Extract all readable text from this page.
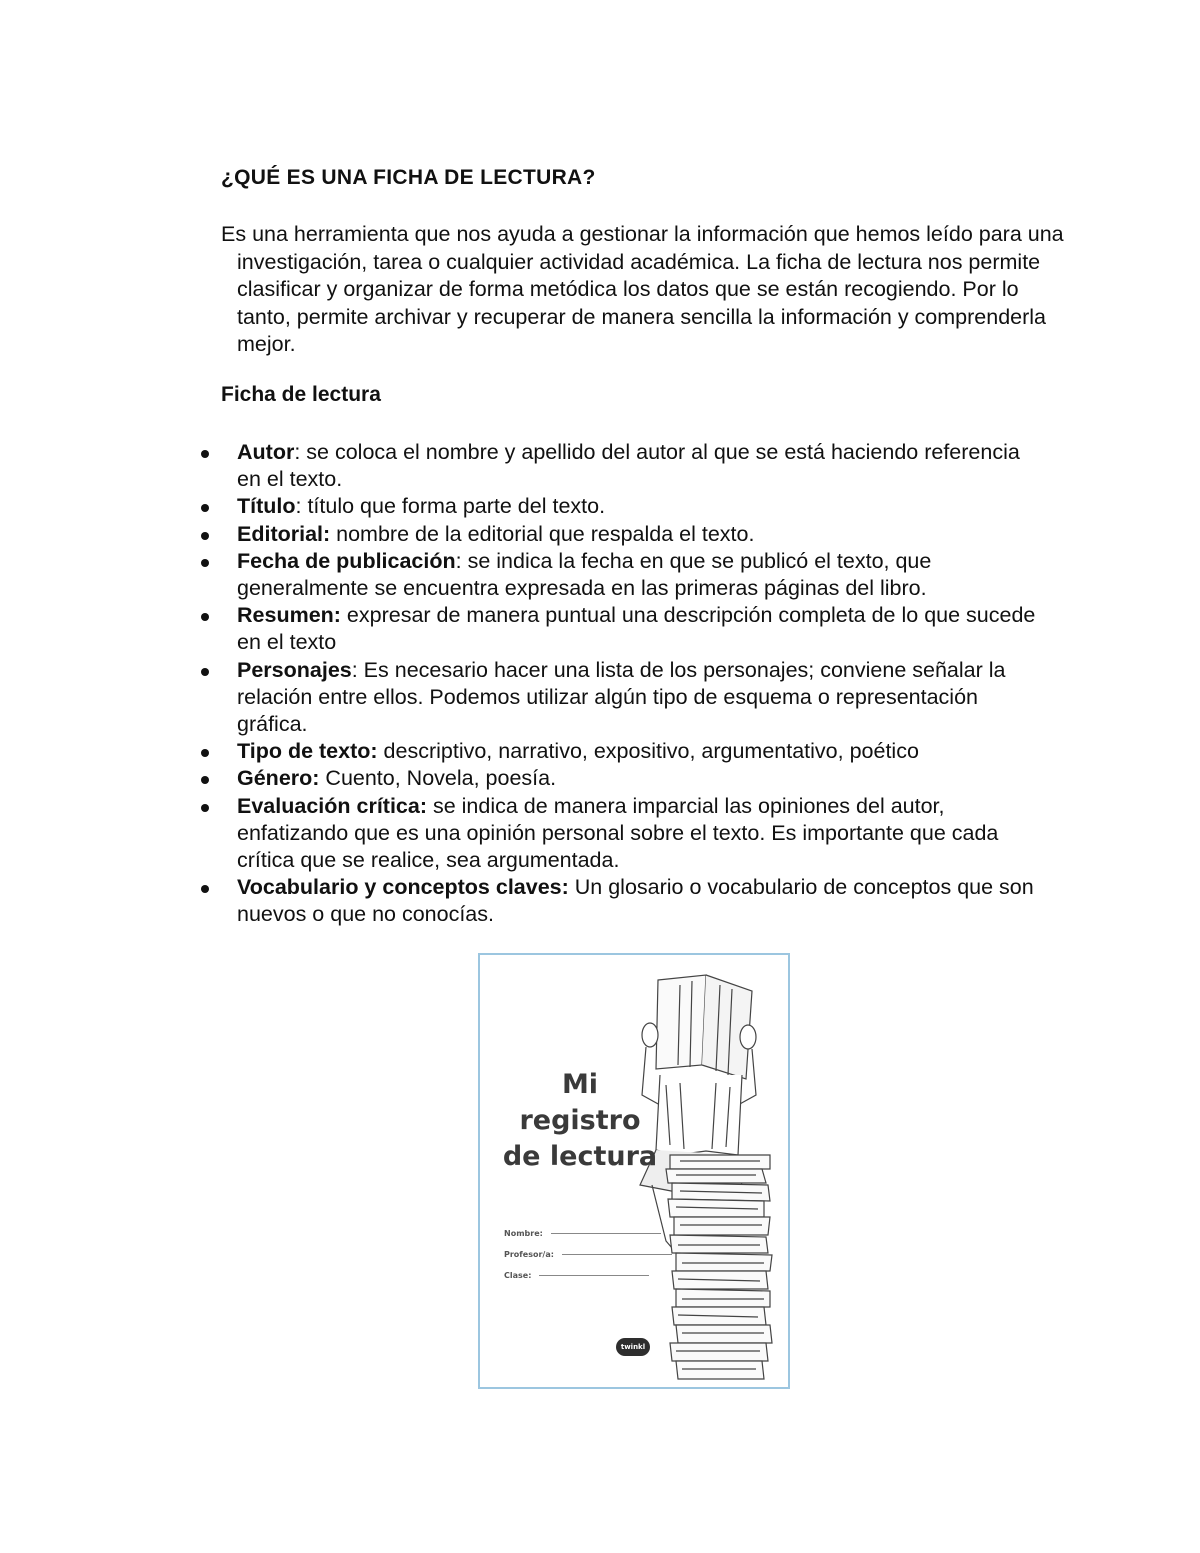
¿QUÉ ES UNA FICHA DE LECTURA?
Es una herramienta que nos ayuda a gestionar la información que hemos leído para una investigación, tarea o cualquier actividad académica. La ficha de lectura nos permite clasificar y organizar de forma metódica los datos que se están recogiendo. Por lo tanto, permite archivar y recuperar de manera sencilla la información y comprenderla mejor.
Ficha de lectura
Autor: se coloca el nombre y apellido del autor al que se está haciendo referencia en el texto.
Título: título que forma parte del texto.
Editorial: nombre de la editorial que respalda el texto.
Fecha de publicación: se indica la fecha en que se publicó el texto, que generalmente se encuentra expresada en las primeras páginas del libro.
Resumen: expresar de manera puntual una descripción completa de lo que sucede en el texto
Personajes: Es necesario hacer una lista de los personajes; conviene señalar la relación entre ellos. Podemos utilizar algún tipo de esquema o representación gráfica.
Tipo de texto: descriptivo, narrativo, expositivo, argumentativo, poético
Género: Cuento, Novela, poesía.
Evaluación crítica: se indica de manera imparcial las opiniones del autor, enfatizando que es una opinión personal sobre el texto. Es importante que cada crítica que se realice, sea argumentada.
Vocabulario y conceptos claves: Un glosario o vocabulario de conceptos que son nuevos o que no conocías.
Mi
registro
de lectura
Nombre:
Profesor/a:
Clase:
twinkl
